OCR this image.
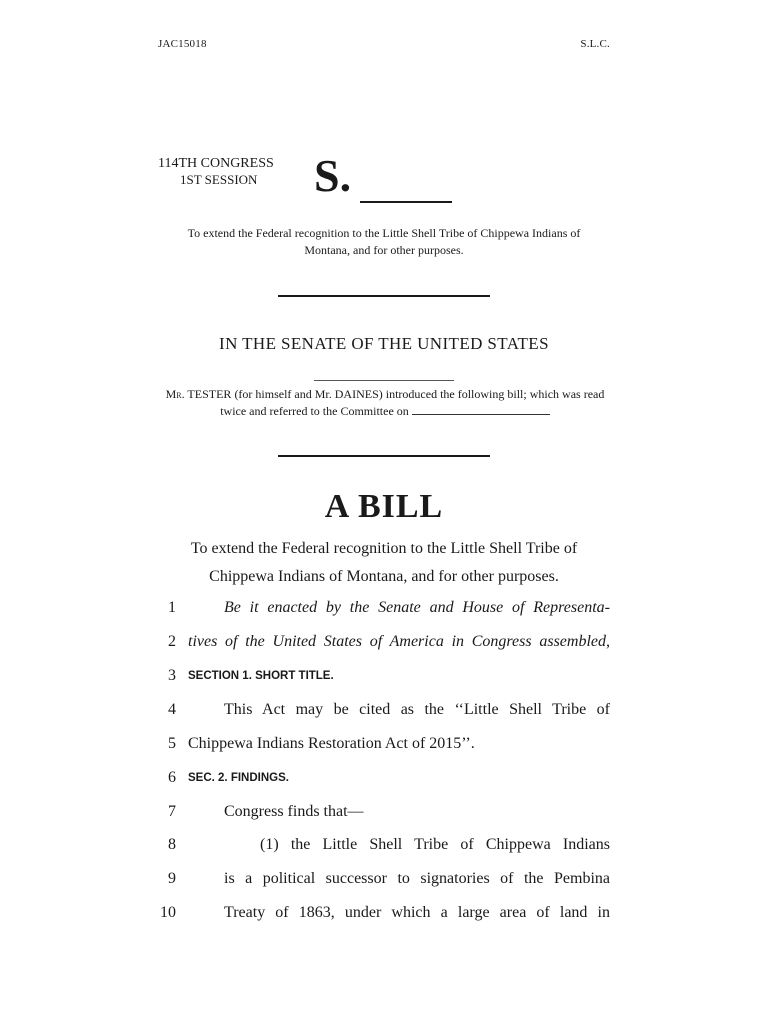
JAC15018	S.L.C.
114TH CONGRESS
1ST SESSION	S.
To extend the Federal recognition to the Little Shell Tribe of Chippewa Indians of Montana, and for other purposes.
IN THE SENATE OF THE UNITED STATES
Mr. TESTER (for himself and Mr. DAINES) introduced the following bill; which was read twice and referred to the Committee on
A BILL
To extend the Federal recognition to the Little Shell Tribe of Chippewa Indians of Montana, and for other purposes.
1	Be it enacted by the Senate and House of Representa-
2 tives of the United States of America in Congress assembled,
3 SECTION 1. SHORT TITLE.
4	This Act may be cited as the ‘‘Little Shell Tribe of
5 Chippewa Indians Restoration Act of 2015’’.
6 SEC. 2. FINDINGS.
7	Congress finds that—
8	(1) the Little Shell Tribe of Chippewa Indians
9	is a political successor to signatories of the Pembina
10	Treaty of 1863, under which a large area of land in
